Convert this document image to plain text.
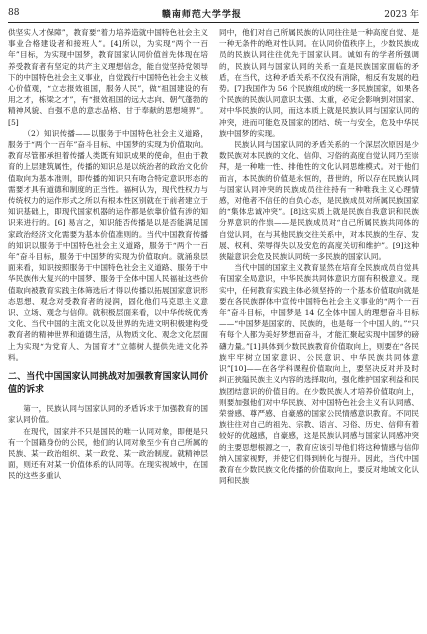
88	赣南师范大学学报	2023 年

供坚实人才保障”，教育要“着力培养造就中国特色社会主义事业合格建设者和接班人”。[4]所以，为实现“两个一百年”目标，为实现中国梦，教育国家认同价值首先体现在培养受教育者有坚定的共产主义理想信念，能自觉坚持党领导下的中国特色社会主义事业，自觉践行中国特色社会主义核心价值观，“立志报效祖国，服务人民”，做“祖国建设的有用之才，栋梁之才”，有“报效祖国的远大志向、朝气蓬勃的精神风貌、自强不息的意志品格、甘于奉献的思想境界”。[5]

（2）知识传播——以服务于中国特色社会主义道路，服务于“两个一百年”奋斗目标、中国梦的实现为价值取向。教育尽管都承担着传播人类既有知识成果的使命，但由于教育的上层建筑属性，传播的知识总是以统治者的政治文化价值取向为基本准则，即传播的知识只有吻合特定意识形态的需要才具有道德和制度的正当性。福柯认为，现代性权力与传统权力的运作形式之所以有根本性区别就在于前者建立于知识基础上，即现代国家机器的运作都是依靠价值有涉的知识来进行的。[6] 易言之，知识能否传播是以是否能满足国家政治经济文化需要为基本价值准则的。当代中国教育传播的知识以服务于中国特色社会主义道路，服务于“两个一百年”奋斗目标，服务于中国梦的实现为价值取向。就涌泉层面来看，知识按照服务于中国特色社会主义道路、服务于中华民族伟大复兴的中国梦、服务于全体中国人民福祉这些价值取向被教育实践主体筛选后才得以传播以拓展国家意识形态思想、观念对受教育者的浸润，固化他们马克思主义意识、立场、观念与信仰。就积极层面来看，以中华传统优秀文化、当代中国的主流文化以及世界的先进文明积极建构受教育者的精神世界和道德生活，从物质文化、观念文化层面上为实现“为党育人、为国育才”立德树人提供先进文化养料。

二、当代中国国家认同挑战对加强教育国家认同价值的诉求

第一，民族认同与国家认同的矛盾诉求于加强教育的国家认同价值。

在现代，国家并不只是国民的唯一认同对象，即便是只有一个国籍身份的公民，他们的认同对象至少有自己所属的民族、某一政治组织、某一政党、某一政治制度。就精神层面，则还有对某一价值体系的认同等。在现实视域中，在国民的这些多重认

同中，他们对自己所属民族的认同往往是一种高度自觉、是一种无条件的绝对性认同。在认同价值秩序上，少数民族成员的民族认同往往优先于国家认同。诚如有的学者所强调的，民族认同与国家认同的关系一直是民族国家面临的矛盾，在当代，这种矛盾关系不仅没有消除，相反有发展的趋势。[7]我国作为 56 个民族组成的统一多民族国家，如果各个民族的民族认同意识太强、太重，必定会影响到对国家、对中华民族的认同，而这本质上就是民族认同与国家认同的冲突，进而可能危及国家的团结、统一与安全，危及中华民族中国梦的实现。

民族认同与国家认同的矛盾关系的一个深层次原因是少数民族对本民族的文化、信仰、习俗的高度自觉认同乃至崇拜，是一种唯一性、排他性的文化认同思维模式。对于他们而言，本民族的价值是永恒的，普世的，所以存在民族认同与国家认同冲突的民族成员往往持有一种唯我主义心理情感，对他者不信任的自负心态，是民族成员对所属民族国家的“集体忠诚冲突”。[8]这实质上就是民族自我意识和民族分界意识的作祟——是民族成员对“自己所属民族共同体的自觉认同，在与其他民族交往关系中，对本民族的生存、发展、权利、荣辱得失以及安危的高度关切和维护”。[9]这种狭隘意识会危及民族认同统一多民族的国家认同。

当代中国的国家主义教育显然在培育全民族成员自觉具有国家全局意识，中华民族共同体意识方面有积极意义。现实中，任何教育实践主体必须坚持的一个基本价值取向就是要在各民族群体中宣传中国特色社会主义事业的“两个一百年”奋斗目标，中国梦是 14 亿全体中国人的理想奋斗目标——“中国梦是国家的、民族的，也是每一个中国人的。”“只有每个人都为美好梦想而奋斗，才能汇聚起实现中国梦的磅礴力量。”[1]具体到少数民族教育价值取向上，则要在“各民族牢牢树立国家意识、公民意识、中华民族共同体意识”[10]——在各学科课程价值取向上，要坚决反对并及时纠正狭隘民族主义内容的选择取向，强化维护国家利益和民族团结意识的价值目的。在少数民族人才培养价值取向上，则要加强他们对中华民族、对中国特色社会主义有认同感、荣誉感、尊严感、自豪感的国家公民情感意识教育。不同民族往往对自己的祖先、宗教、语言、习俗、历史、信仰有着较好的优越感，自豪感，这是民族认同感与国家认同感冲突的主要思想根源之一，教育应该引导他们将这种情感与信仰纳入国家视野，并使它们得到转化与提升。因此，当代中国教育在少数民族文化传播的价值取向上，要反对地域文化认同和民族
